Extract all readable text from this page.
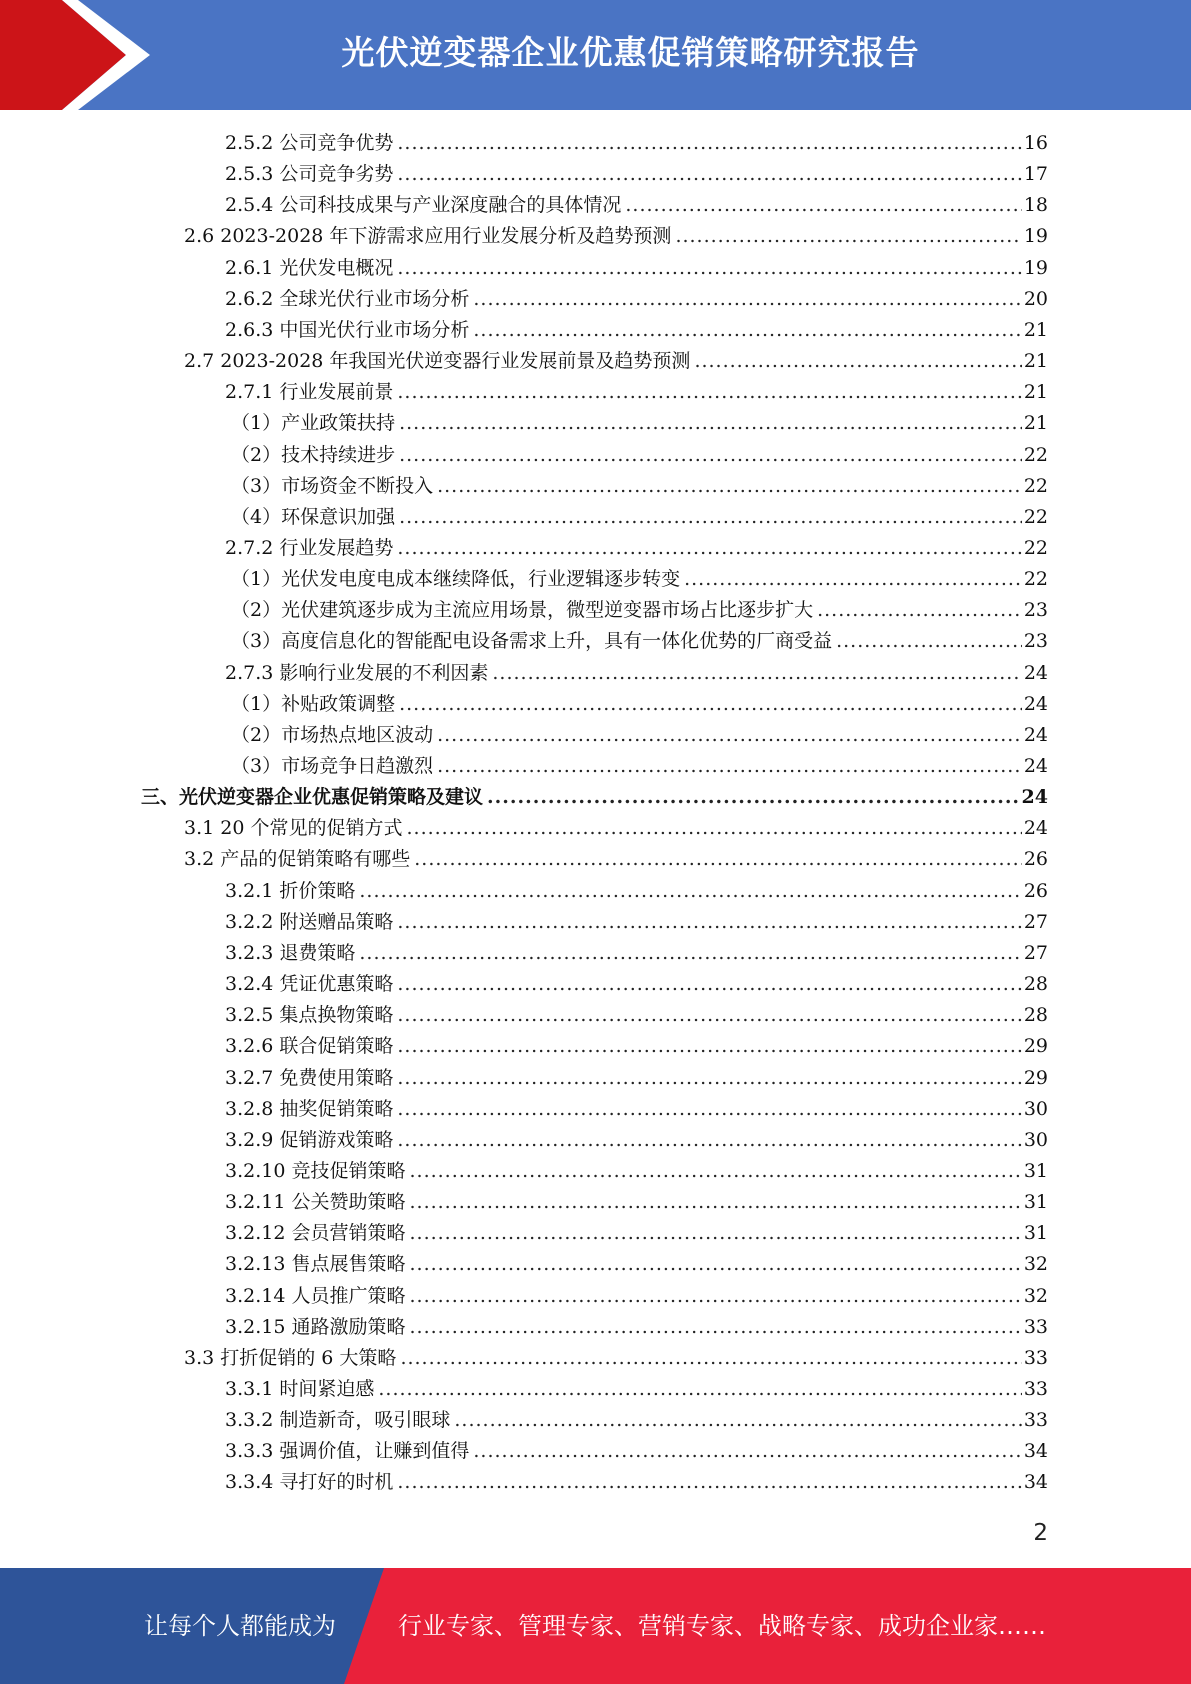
光伏逆变器企业优惠促销策略研究报告
2.5.2 公司竞争优势 .....	16
2.5.3 公司竞争劣势 .....	17
2.5.4 公司科技成果与产业深度融合的具体情况 .....	18
2.6 2023-2028 年下游需求应用行业发展分析及趋势预测 .....	19
2.6.1 光伏发电概况 .....	19
2.6.2 全球光伏行业市场分析 .....	20
2.6.3 中国光伏行业市场分析 .....	21
2.7 2023-2028 年我国光伏逆变器行业发展前景及趋势预测 .....	21
2.7.1 行业发展前景 .....	21
（1）产业政策扶持 .....	21
（2）技术持续进步 .....	22
（3）市场资金不断投入 .....	22
（4）环保意识加强 .....	22
2.7.2 行业发展趋势 .....	22
（1）光伏发电度电成本继续降低，行业逻辑逐步转变 .....	22
（2）光伏建筑逐步成为主流应用场景，微型逆变器市场占比逐步扩大 .....	23
（3）高度信息化的智能配电设备需求上升，具有一体化优势的厂商受益 .....	23
2.7.3 影响行业发展的不利因素 .....	24
（1）补贴政策调整 .....	24
（2）市场热点地区波动 .....	24
（3）市场竞争日趋激烈 .....	24
三、光伏逆变器企业优惠促销策略及建议 .....	24
3.1 20 个常见的促销方式 .....	24
3.2 产品的促销策略有哪些 .....	26
3.2.1 折价策略 .....	26
3.2.2 附送赠品策略 .....	27
3.2.3 退费策略 .....	27
3.2.4 凭证优惠策略 .....	28
3.2.5 集点换物策略 .....	28
3.2.6 联合促销策略 .....	29
3.2.7 免费使用策略 .....	29
3.2.8 抽奖促销策略 .....	30
3.2.9 促销游戏策略 .....	30
3.2.10 竞技促销策略 .....	31
3.2.11 公关赞助策略 .....	31
3.2.12 会员营销策略 .....	31
3.2.13 售点展售策略 .....	32
3.2.14 人员推广策略 .....	32
3.2.15 通路激励策略 .....	33
3.3 打折促销的 6 大策略 .....	33
3.3.1 时间紧迫感 .....	33
3.3.2 制造新奇，吸引眼球 .....	33
3.3.3 强调价值，让赚到值得 .....	34
3.3.4 寻打好的时机 .....	34
2
让每个人都能成为	行业专家、管理专家、营销专家、战略专家、成功企业家……
